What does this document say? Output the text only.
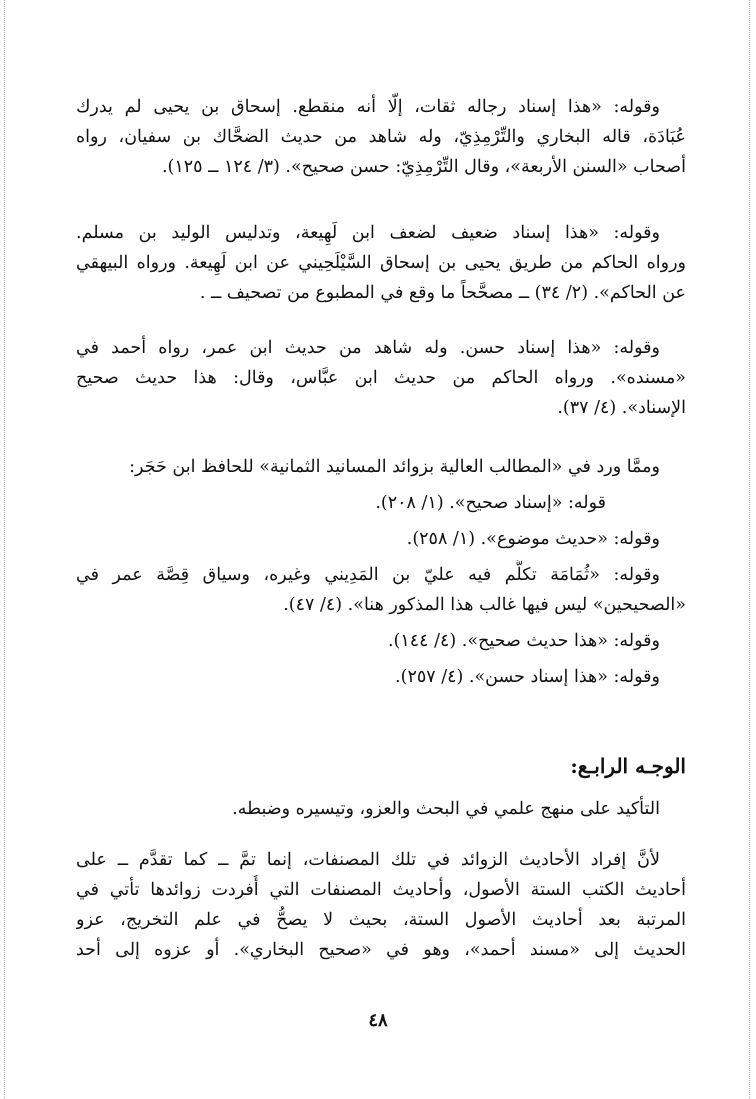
وقوله: «هذا إسناد رجاله ثقات، إلّا أنه منقطع. إسحاق بن يحيى لم يدرك
عُبَادَة، قاله البخاري والتِّرْمِذِيّ، وله شاهد من حديث الضحَّاك بن سفيان، رواه
أصحاب «السنن الأربعة»، وقال التِّرْمِذِيّ: حسن صحيح». (٣/ ١٢٤ ــ ١٢٥).
وقوله: «هذا إسناد ضعيف لضعف ابن لَهِيعة، وتدليس الوليد بن مسلم.
ورواه الحاكم من طريق يحيى بن إسحاق السَّيْلَحِيني عن ابن لَهِيعة. ورواه البيهقي
عن الحاكم». (٢/ ٣٤) ــ مصحَّحاً ما وقع في المطبوع من تصحيف ــ .
وقوله: «هذا إسناد حسن. وله شاهد من حديث ابن عمر، رواه أحمد في
«مسنده». ورواه الحاكم من حديث ابن عبَّاس، وقال: هذا حديث صحيح
الإسناد». (٤/ ٣٧).
وممَّا ورد في «المطالب العالية بزوائد المسانيد الثمانية» للحافظ ابن حَجَر:
قوله: «إسناد صحيح». (١/ ٢٠٨).
وقوله: «حديث موضوع». (١/ ٢٥٨).
وقوله: «ثُمَامَة تكلَّم فيه عليّ بن المَدِيني وغيره، وسياق قِصَّة عمر في
«الصحيحين» ليس فيها غالب هذا المذكور هنا». (٤/ ٤٧).
وقوله: «هذا حديث صحيح». (٤/ ١٤٤).
وقوله: «هذا إسناد حسن». (٤/ ٢٥٧).
الوجـه الرابـع:
التأكيد على منهج علمي في البحث والعزو، وتيسيره وضبطه.
لأنَّ إفراد الأحاديث الزوائد في تلك المصنفات، إنما تمَّ ــ كما تقدَّم ــ على
أحاديث الكتب الستة الأصول، وأحاديث المصنفات التي أُفردت زوائدها تأتي في
المرتبة بعد أحاديث الأصول الستة، بحيث لا يصحُّ في علم التخريج، عزو
الحديث إلى «مسند أحمد»، وهو في «صحيح البخاري». أو عزوه إلى أحد
٤٨
